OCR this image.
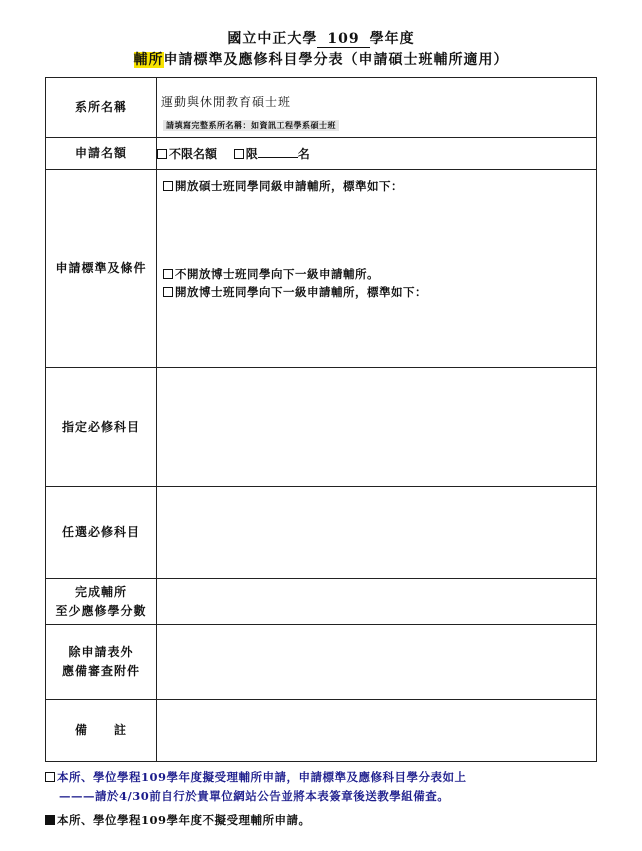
國立中正大學 109 學年度
輔所申請標準及應修科目學分表（申請碩士班輔所適用）
系所名稱	運動與休閒教育碩士班
請填寫完整系所名稱：如資訊工程學系碩士班

申請名額	不限名額 限 名
申請標準及條件	開放碩士班同學同級申請輔所，標準如下：
不開放博士班同學向下一級申請輔所。
開放博士班同學向下一級申請輔所，標準如下：

指定必修科目	
任選必修科目	
完成輔所
至少應修學分數	
除申請表外
應備審查附件	
備　　註	
本所、學位學程109學年度擬受理輔所申請，申請標準及應修科目學分表如上
———請於4/30前自行於貴單位網站公告並將本表簽章後送教學組備查。
本所、學位學程109學年度不擬受理輔所申請。
